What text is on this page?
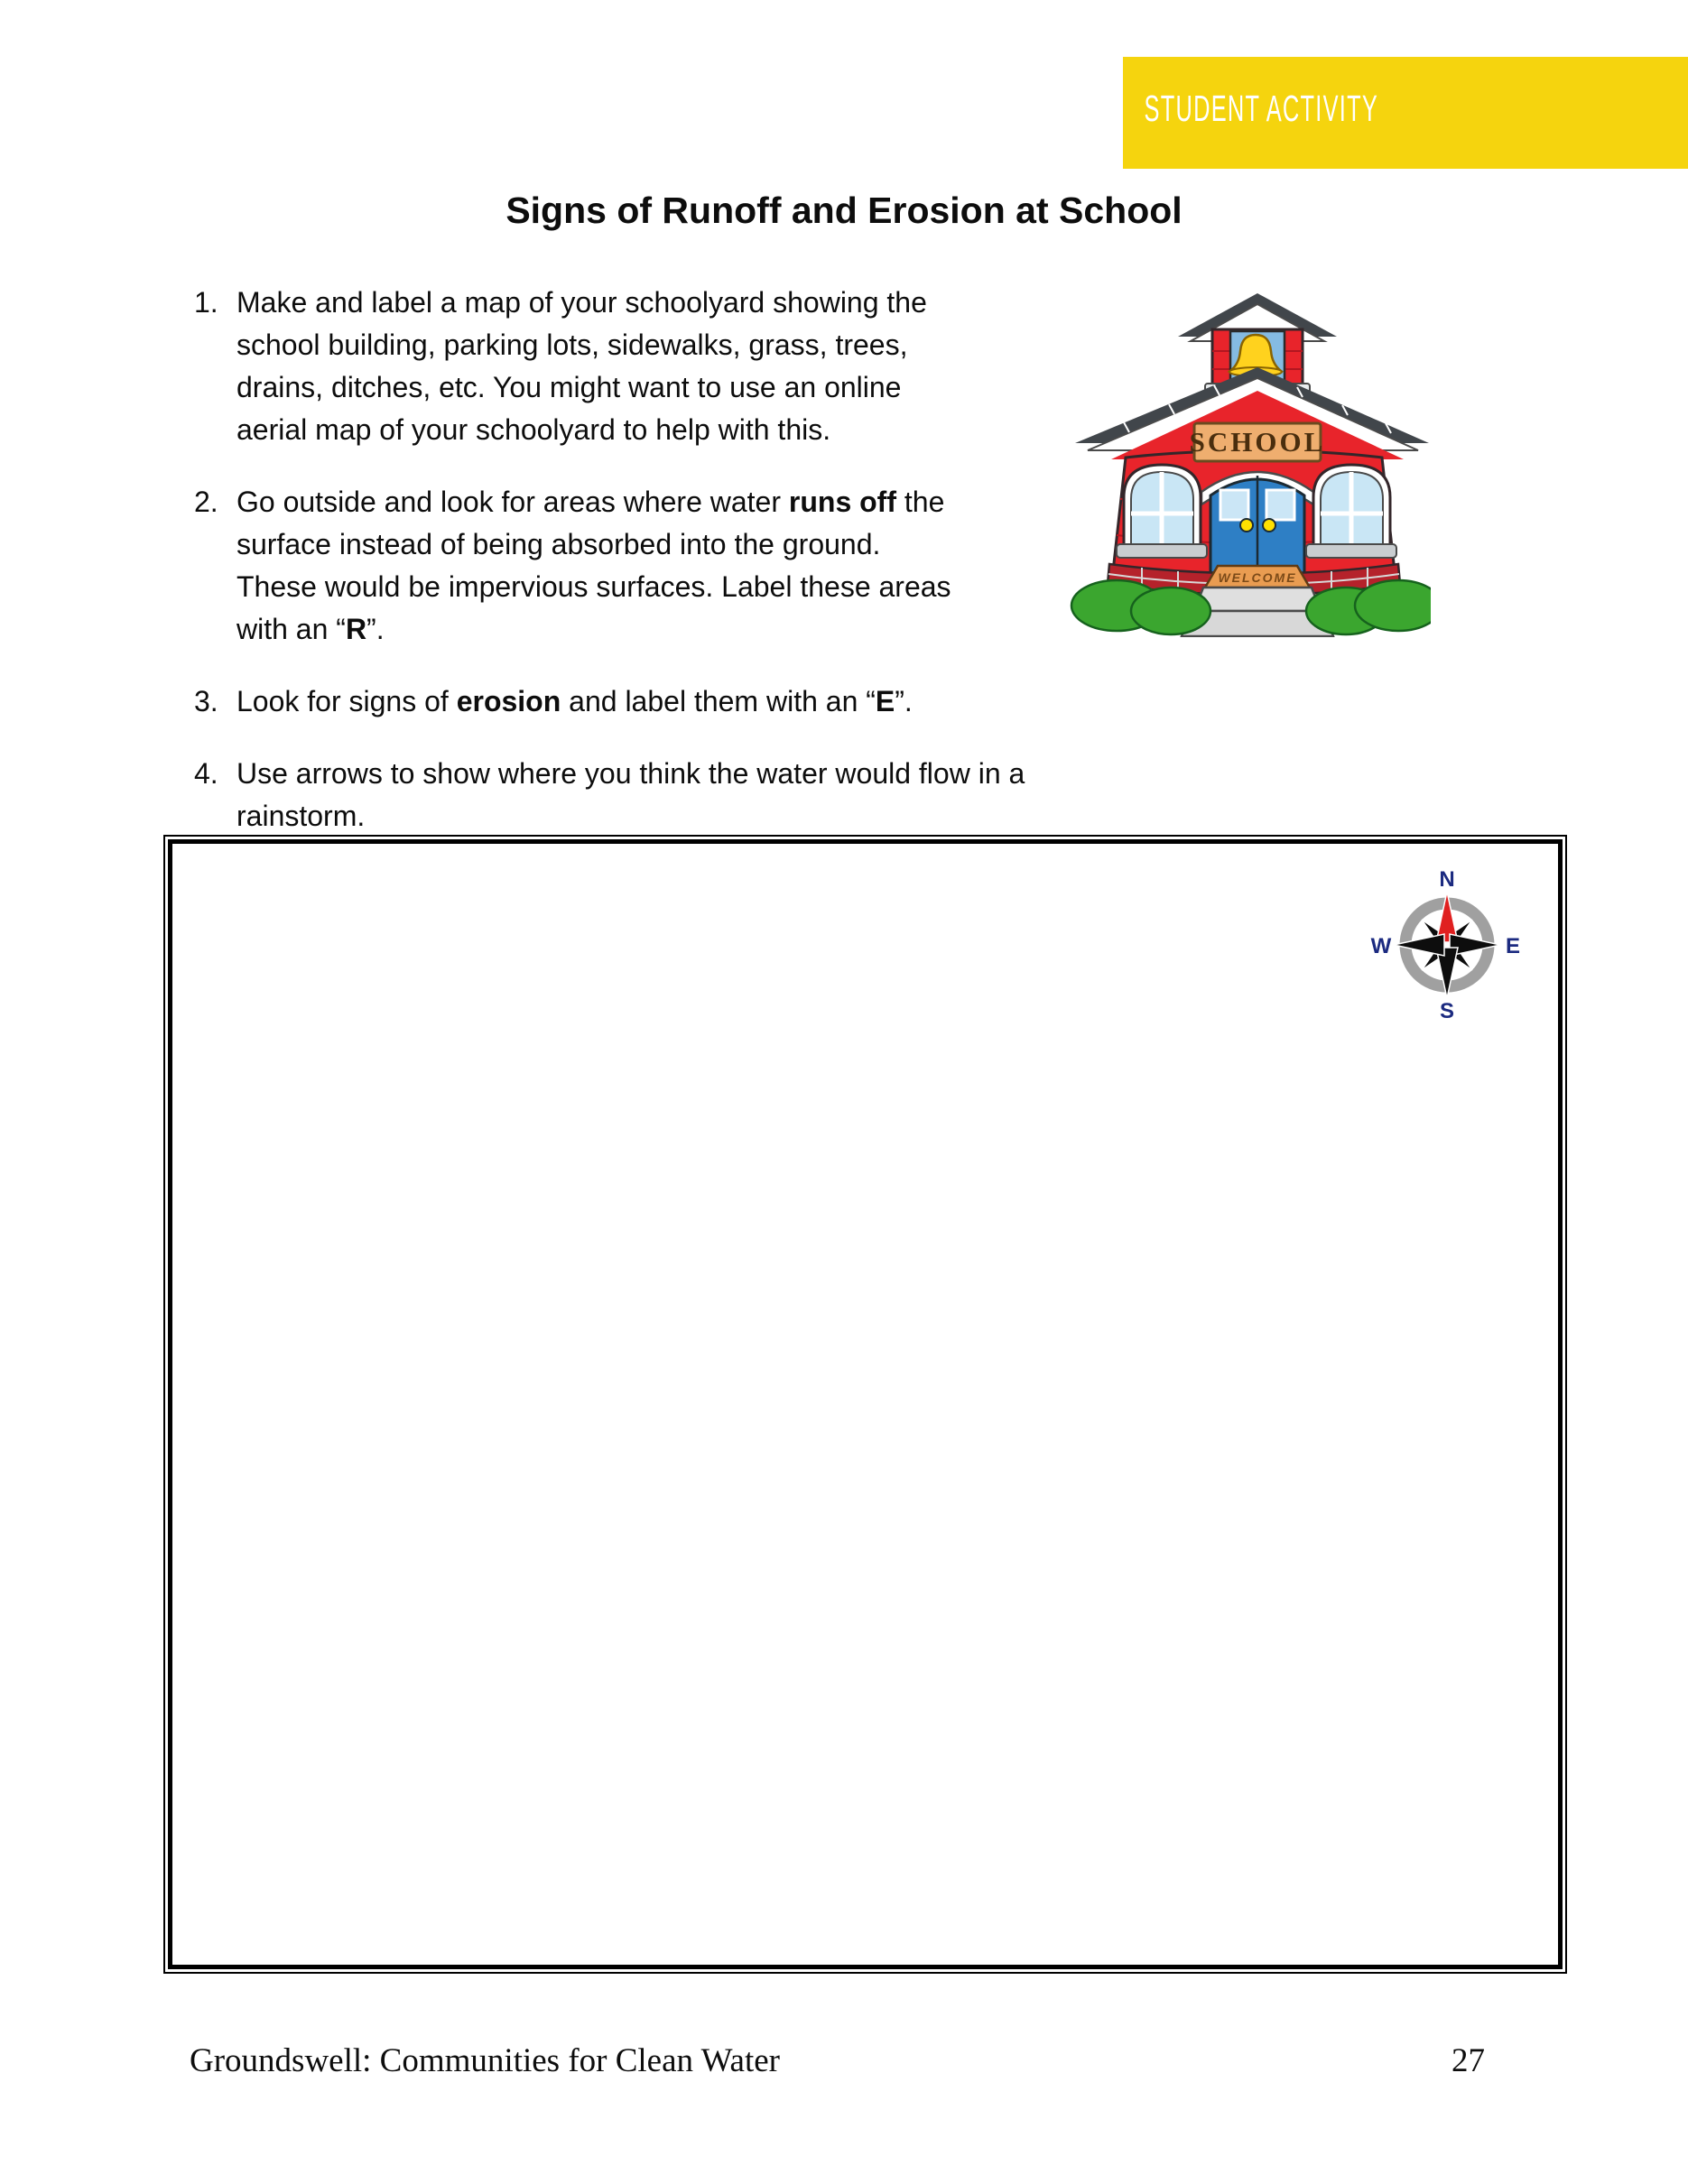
STUDENT ACTIVITY
Signs of Runoff and Erosion at School
1. Make and label a map of your schoolyard showing the
school building, parking lots, sidewalks, grass, trees,
drains, ditches, etc. You might want to use an online
aerial map of your schoolyard to help with this.
2. Go outside and look for areas where water runs off the
surface instead of being absorbed into the ground.
These would be impervious surfaces. Label these areas
with an “R”.
3. Look for signs of erosion and label them with an “E”.
4. Use arrows to show where you think the water would flow in a
rainstorm.
SCHOOL
WELCOME
N
E
S
W
Groundswell: Communities for Clean Water	27
